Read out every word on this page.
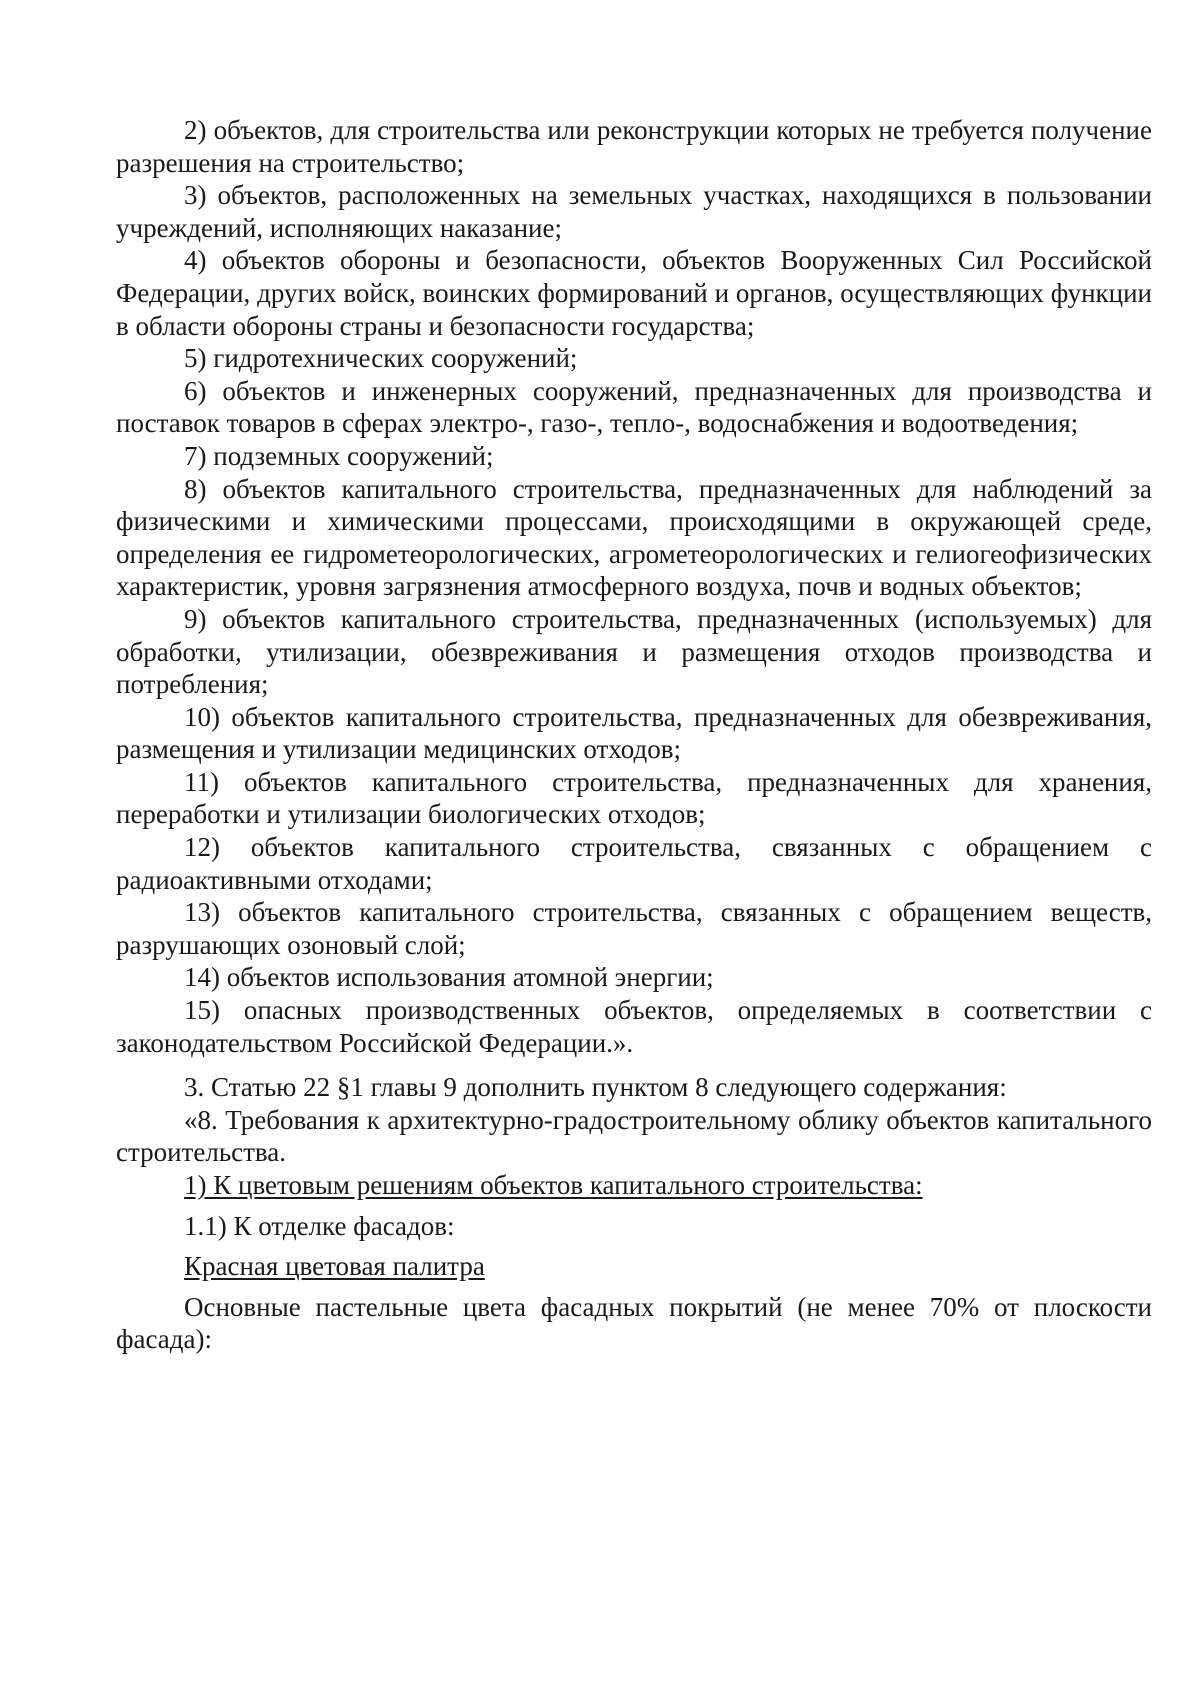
2) объектов, для строительства или реконструкции которых не требуется получение разрешения на строительство;

3) объектов, расположенных на земельных участках, находящихся в пользовании учреждений, исполняющих наказание;

4) объектов обороны и безопасности, объектов Вооруженных Сил Российской Федерации, других войск, воинских формирований и органов, осуществляющих функции в области обороны страны и безопасности государства;

5) гидротехнических сооружений;

6) объектов и инженерных сооружений, предназначенных для производства и поставок товаров в сферах электро-, газо-, тепло-, водоснабжения и водоотведения;

7) подземных сооружений;

8) объектов капитального строительства, предназначенных для наблюдений за физическими и химическими процессами, происходящими в окружающей среде, определения ее гидрометеорологических, агрометеорологических и гелиогеофизических характеристик, уровня загрязнения атмосферного воздуха, почв и водных объектов;

9) объектов капитального строительства, предназначенных (используемых) для обработки, утилизации, обезвреживания и размещения отходов производства и потребления;

10) объектов капитального строительства, предназначенных для обезвреживания, размещения и утилизации медицинских отходов;

11) объектов капитального строительства, предназначенных для хранения, переработки и утилизации биологических отходов;

12) объектов капитального строительства, связанных с обращением с радиоактивными отходами;

13) объектов капитального строительства, связанных с обращением веществ, разрушающих озоновый слой;

14) объектов использования атомной энергии;

15) опасных производственных объектов, определяемых в соответствии с законодательством Российской Федерации.».

3. Статью 22 §1 главы 9 дополнить пунктом 8 следующего содержания:

«8. Требования к архитектурно-градостроительному облику объектов капитального строительства.

1) К цветовым решениям объектов капитального строительства:

1.1) К отделке фасадов:

Красная цветовая палитра

Основные пастельные цвета фасадных покрытий (не менее 70% от плоскости фасада):
